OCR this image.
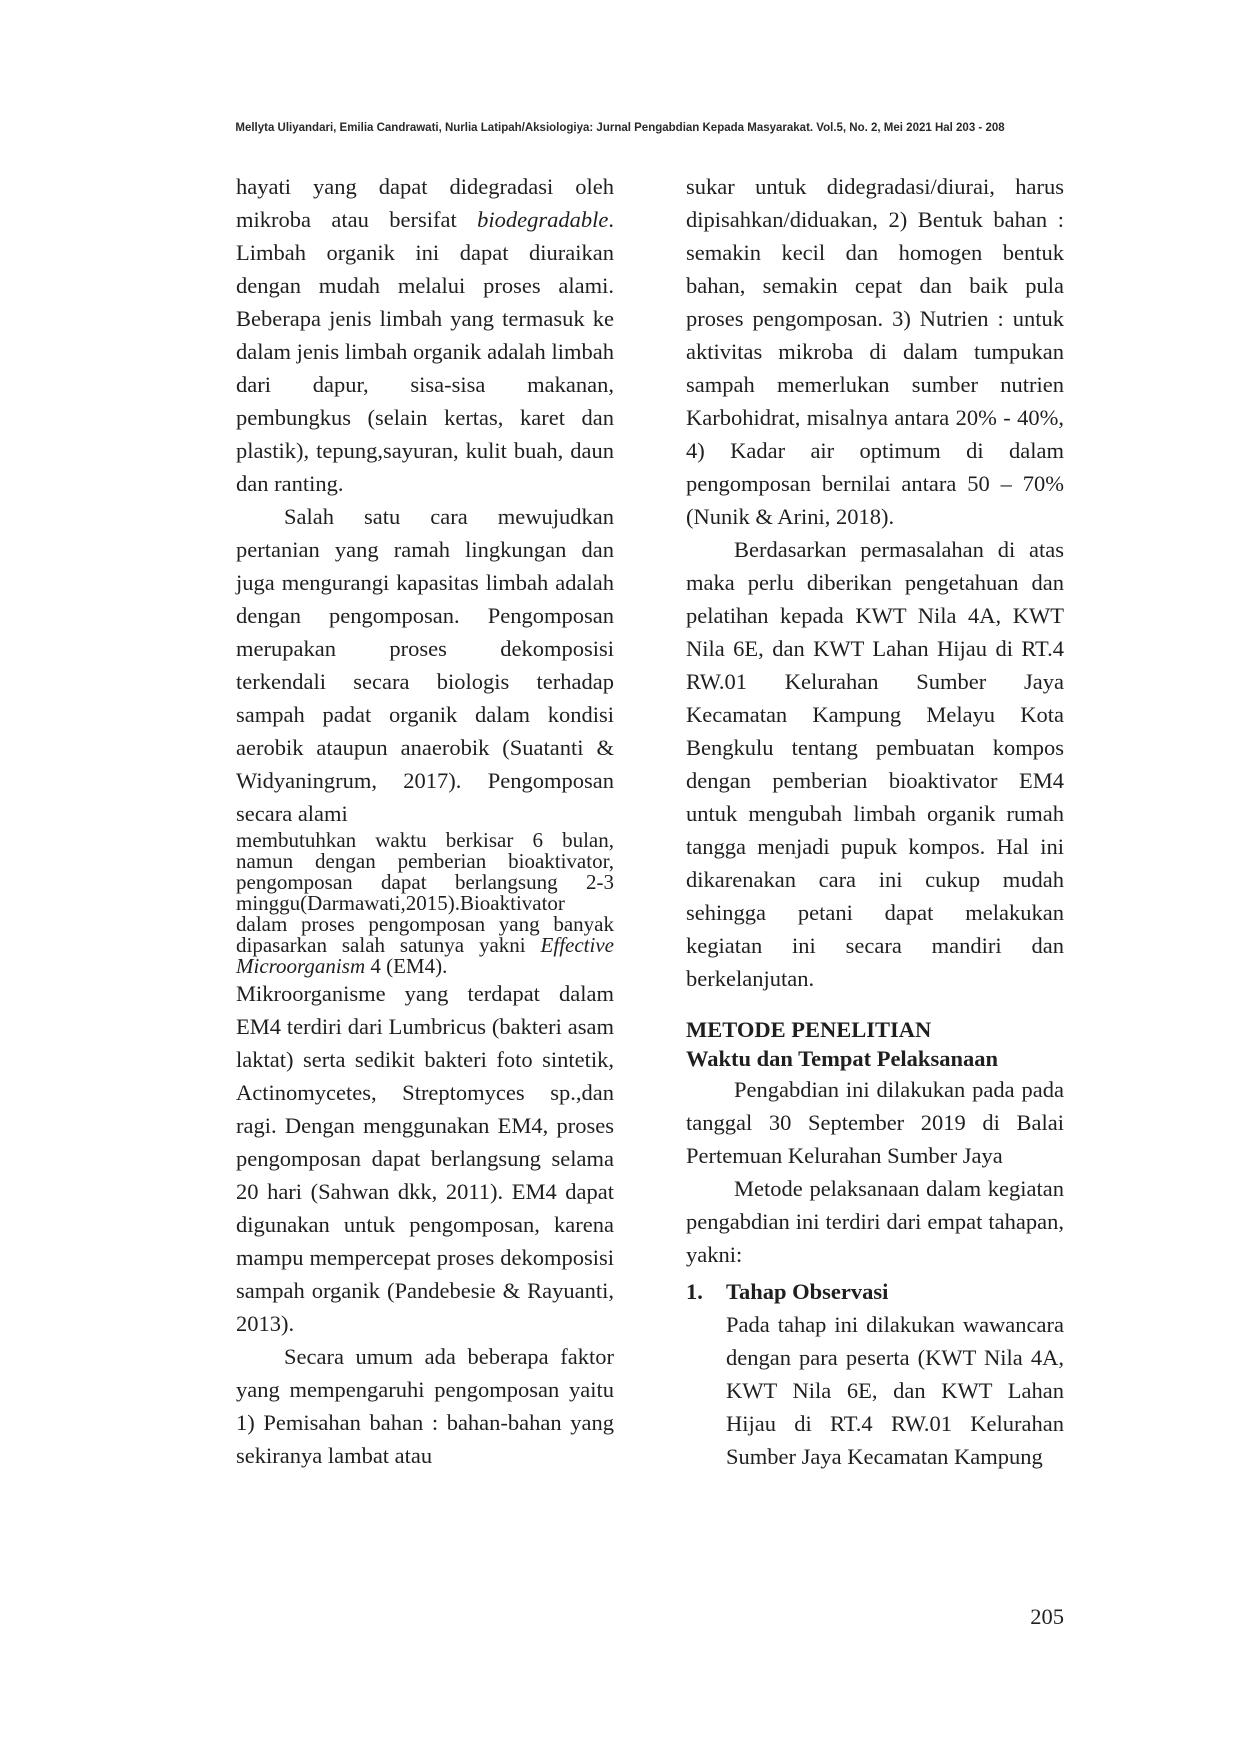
Mellyta Uliyandari, Emilia Candrawati, Nurlia Latipah/Aksiologiya: Jurnal Pengabdian Kepada Masyarakat. Vol.5, No. 2, Mei 2021 Hal 203 - 208

hayati yang dapat didegradasi oleh mikroba atau bersifat biodegradable. Limbah organik ini dapat diuraikan dengan mudah melalui proses alami. Beberapa jenis limbah yang termasuk ke dalam jenis limbah organik adalah limbah dari dapur, sisa-sisa makanan, pembungkus (selain kertas, karet dan plastik), tepung,sayuran, kulit buah, daun dan ranting.

Salah satu cara mewujudkan pertanian yang ramah lingkungan dan juga mengurangi kapasitas limbah adalah dengan pengomposan. Pengomposan merupakan proses dekomposisi terkendali secara biologis terhadap sampah padat organik dalam kondisi aerobik ataupun anaerobik (Suatanti & Widyaningrum, 2017). Pengomposan secara alami

membutuhkan waktu berkisar 6 bulan, namun dengan pemberian bioaktivator, pengomposan dapat berlangsung 2-3 minggu(Darmawati,2015).Bioaktivator dalam proses pengomposan yang banyak dipasarkan salah satunya yakni Effective Microorganism 4 (EM4).

Mikroorganisme yang terdapat dalam EM4 terdiri dari Lumbricus (bakteri asam laktat) serta sedikit bakteri foto sintetik, Actinomycetes, Streptomyces sp.,dan ragi. Dengan menggunakan EM4, proses pengomposan dapat berlangsung selama 20 hari (Sahwan dkk, 2011). EM4 dapat digunakan untuk pengomposan, karena mampu mempercepat proses dekomposisi sampah organik (Pandebesie & Rayuanti, 2013).

Secara umum ada beberapa faktor yang mempengaruhi pengomposan yaitu 1) Pemisahan bahan : bahan-bahan yang sekiranya lambat atau

sukar untuk didegradasi/diurai, harus dipisahkan/diduakan, 2) Bentuk bahan : semakin kecil dan homogen bentuk bahan, semakin cepat dan baik pula proses pengomposan. 3) Nutrien : untuk aktivitas mikroba di dalam tumpukan sampah memerlukan sumber nutrien Karbohidrat, misalnya antara 20% - 40%, 4) Kadar air optimum di dalam pengomposan bernilai antara 50 – 70% (Nunik & Arini, 2018).

Berdasarkan permasalahan di atas maka perlu diberikan pengetahuan dan pelatihan kepada KWT Nila 4A, KWT Nila 6E, dan KWT Lahan Hijau di RT.4 RW.01 Kelurahan Sumber Jaya Kecamatan Kampung Melayu Kota Bengkulu tentang pembuatan kompos dengan pemberian bioaktivator EM4 untuk mengubah limbah organik rumah tangga menjadi pupuk kompos. Hal ini dikarenakan cara ini cukup mudah sehingga petani dapat melakukan kegiatan ini secara mandiri dan berkelanjutan.

METODE PENELITIAN

Waktu dan Tempat Pelaksanaan

Pengabdian ini dilakukan pada pada tanggal 30 September 2019 di Balai Pertemuan Kelurahan Sumber Jaya

Metode pelaksanaan dalam kegiatan pengabdian ini terdiri dari empat tahapan, yakni:

1. Tahap Observasi
Pada tahap ini dilakukan wawancara dengan para peserta (KWT Nila 4A, KWT Nila 6E, dan KWT Lahan Hijau di RT.4 RW.01 Kelurahan Sumber Jaya Kecamatan Kampung
205
